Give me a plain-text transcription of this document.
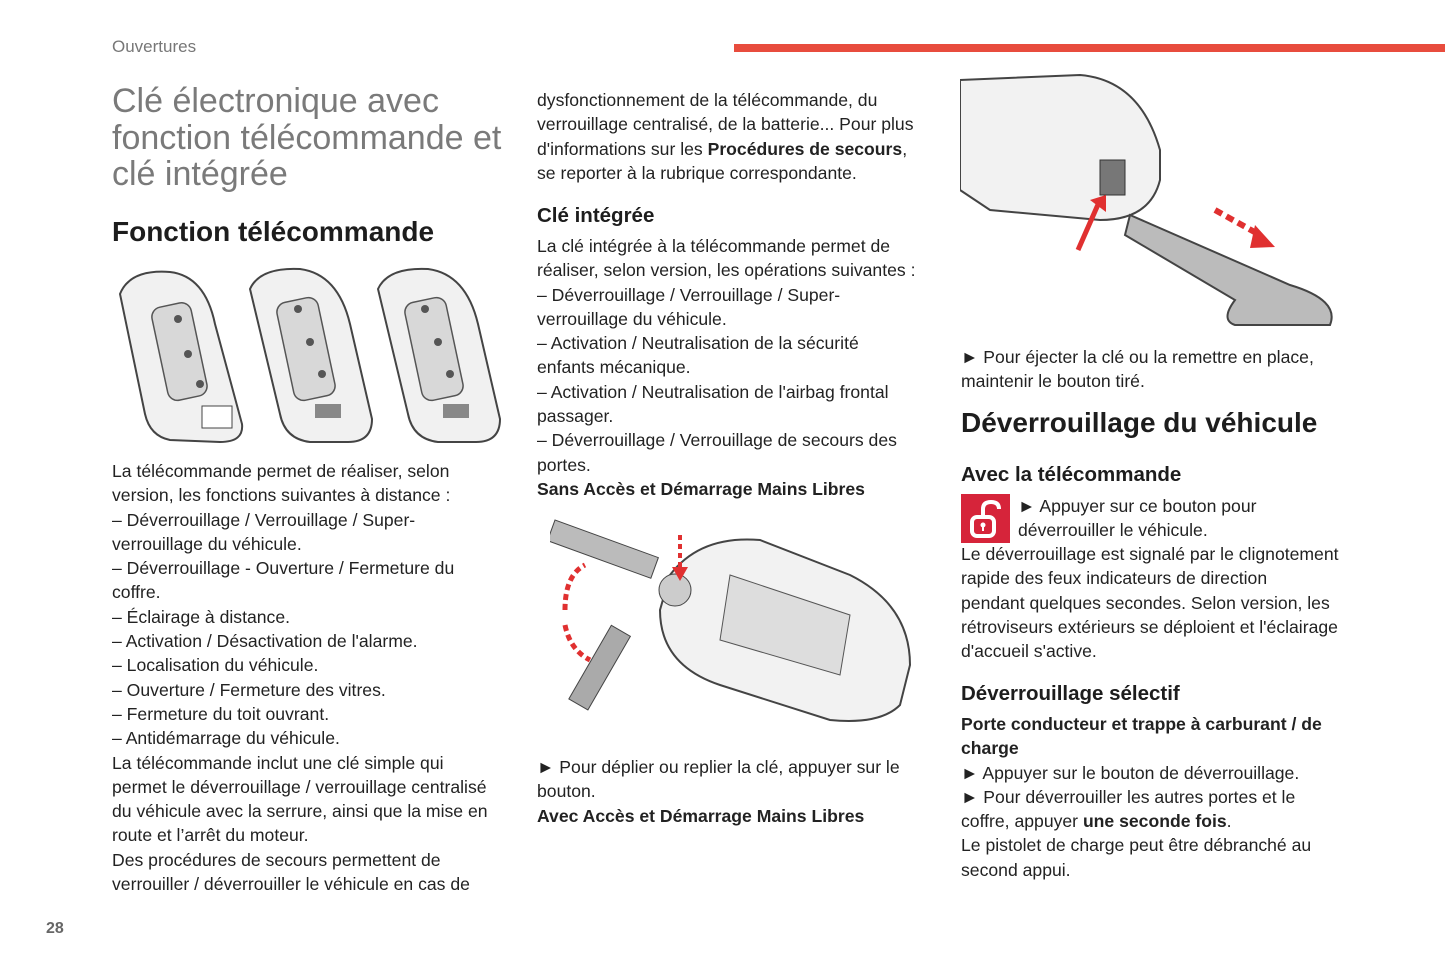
Ouvertures
Clé électronique avec
fonction télécommande et
clé intégrée
Fonction télécommande
La télécommande permet de réaliser, selon
version, les fonctions suivantes à distance :
– Déverrouillage / Verrouillage / Super-
verrouillage du véhicule.
– Déverrouillage - Ouverture / Fermeture du
coffre.
– Éclairage à distance.
– Activation / Désactivation de l'alarme.
– Localisation du véhicule.
– Ouverture / Fermeture des vitres.
– Fermeture du toit ouvrant.
– Antidémarrage du véhicule.
La télécommande inclut une clé simple qui
permet le déverrouillage / verrouillage centralisé
du véhicule avec la serrure, ainsi que la mise en
route et l’arrêt du moteur.
Des procédures de secours permettent de
verrouiller / déverrouiller le véhicule en cas de
dysfonctionnement de la télécommande, du
verrouillage centralisé, de la batterie... Pour plus
d'informations sur les Procédures de secours,
se reporter à la rubrique correspondante.
Clé intégrée
La clé intégrée à la télécommande permet de
réaliser, selon version, les opérations suivantes :
– Déverrouillage / Verrouillage / Super-
verrouillage du véhicule.
– Activation / Neutralisation de la sécurité
enfants mécanique.
– Activation / Neutralisation de l'airbag frontal
passager.
– Déverrouillage / Verrouillage de secours des
portes.
Sans Accès et Démarrage Mains Libres
► Pour déplier ou replier la clé, appuyer sur le
bouton.
Avec Accès et Démarrage Mains Libres
► Pour éjecter la clé ou la remettre en place,
maintenir le bouton tiré.
Déverrouillage du véhicule
Avec la télécommande
► Appuyer sur ce bouton pour
déverrouiller le véhicule.
Le déverrouillage est signalé par le clignotement
rapide des feux indicateurs de direction
pendant quelques secondes. Selon version, les
rétroviseurs extérieurs se déploient et l'éclairage
d'accueil s'active.
Déverrouillage sélectif
Porte conducteur et trappe à carburant / de
charge
► Appuyer sur le bouton de déverrouillage.
► Pour déverrouiller les autres portes et le
coffre, appuyer une seconde fois.
Le pistolet de charge peut être débranché au
second appui.
28
